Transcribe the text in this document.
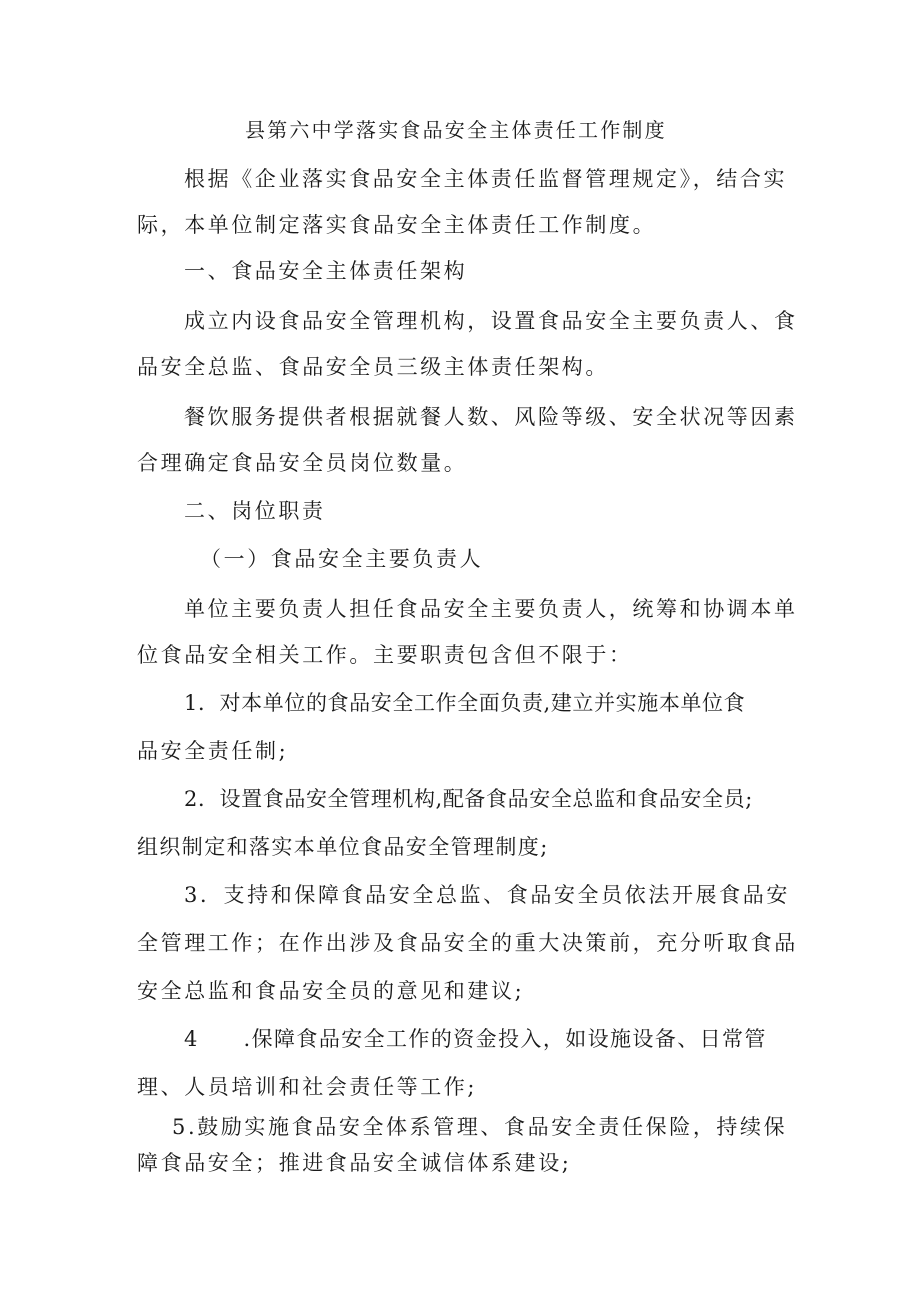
县第六中学落实食品安全主体责任工作制度
根据《企业落实食品安全主体责任监督管理规定》，结合实
际，本单位制定落实食品安全主体责任工作制度。
一、食品安全主体责任架构
成立内设食品安全管理机构，设置食品安全主要负责人、食
品安全总监、食品安全员三级主体责任架构。
餐饮服务提供者根据就餐人数、风险等级、安全状况等因素
合理确定食品安全员岗位数量。
二、岗位职责
（一）食品安全主要负责人
单位主要负责人担任食品安全主要负责人，统筹和协调本单
位食品安全相关工作。主要职责包含但不限于：
1．对本单位的食品安全工作全面负责,建立并实施本单位食
品安全责任制;
2．设置食品安全管理机构,配备食品安全总监和食品安全员;
组织制定和落实本单位食品安全管理制度;
3．支持和保障食品安全总监、食品安全员依法开展食品安
全管理工作；在作出涉及食品安全的重大决策前，充分听取食品
安全总监和食品安全员的意见和建议;
4　　.保障食品安全工作的资金投入，如设施设备、日常管
理、人员培训和社会责任等工作;
5.鼓励实施食品安全体系管理、食品安全责任保险，持续保
障食品安全；推进食品安全诚信体系建设;
